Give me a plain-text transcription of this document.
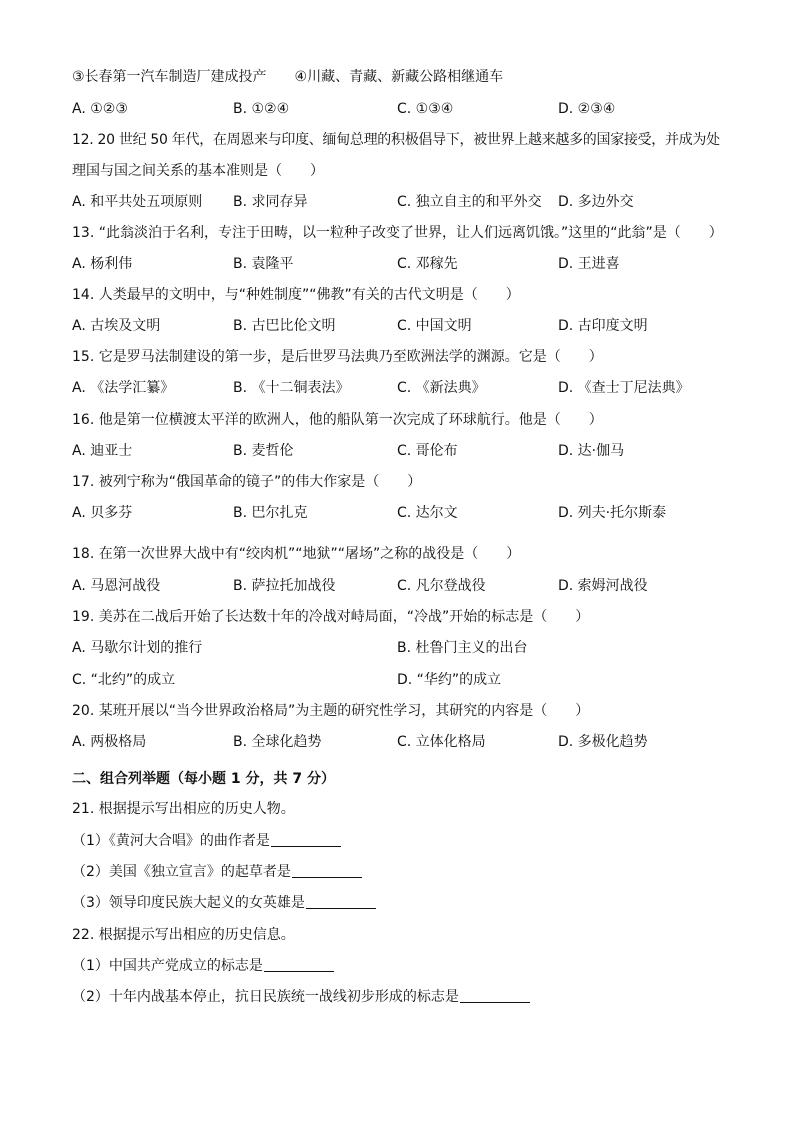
③长春第一汽车制造厂建成投产　　④川藏、青藏、新藏公路相继通车
A. ①②③	B. ①②④	C. ①③④	D. ②③④
12. 20 世纪 50 年代，在周恩来与印度、缅甸总理的积极倡导下，被世界上越来越多的国家接受，并成为处
理国与国之间关系的基本准则是（　　）
A. 和平共处五项原则 B. 求同存异	C. 独立自主的和平外交 D. 多边外交
13. “此翁淡泊于名利，专注于田畴，以一粒种子改变了世界，让人们远离饥饿。”这里的“此翁”是（　　）
A. 杨利伟	B. 袁隆平	C. 邓稼先	D. 王进喜
14. 人类最早的文明中，与“种姓制度”“佛教”有关的古代文明是（　　）
A. 古埃及文明	B. 古巴比伦文明	C. 中国文明	D. 古印度文明
15. 它是罗马法制建设的第一步，是后世罗马法典乃至欧洲法学的渊源。它是（　　）
A. 《法学汇纂》	B. 《十二铜表法》	C. 《新法典》	D. 《查士丁尼法典》
16. 他是第一位横渡太平洋的欧洲人，他的船队第一次完成了环球航行。他是（　　）
A. 迪亚士	B. 麦哲伦	C. 哥伦布	D. 达·伽马
17. 被列宁称为“俄国革命的镜子”的伟大作家是（　　）
A. 贝多芬	B. 巴尔扎克	C. 达尔文	D. 列夫·托尔斯泰
18. 在第一次世界大战中有“绞肉机”“地狱”“屠场”之称的战役是（　　）
A. 马恩河战役	B. 萨拉托加战役	C. 凡尔登战役	D. 索姆河战役
19. 美苏在二战后开始了长达数十年的冷战对峙局面，“冷战”开始的标志是（　　）
A. 马歇尔计划的推行	B. 杜鲁门主义的出台
C. “北约”的成立	D. “华约”的成立
20. 某班开展以“当今世界政治格局”为主题的研究性学习，其研究的内容是（　　）
A. 两极格局	B. 全球化趋势	C. 立体化格局	D. 多极化趋势
二、组合列举题（每小题 1 分，共 7 分）
21. 根据提示写出相应的历史人物。
（1）《黄河大合唱》的曲作者是
（2）美国《独立宣言》的起草者是
（3）领导印度民族大起义的女英雄是
22. 根据提示写出相应的历史信息。
（1）中国共产党成立的标志是
（2）十年内战基本停止，抗日民族统一战线初步形成的标志是
